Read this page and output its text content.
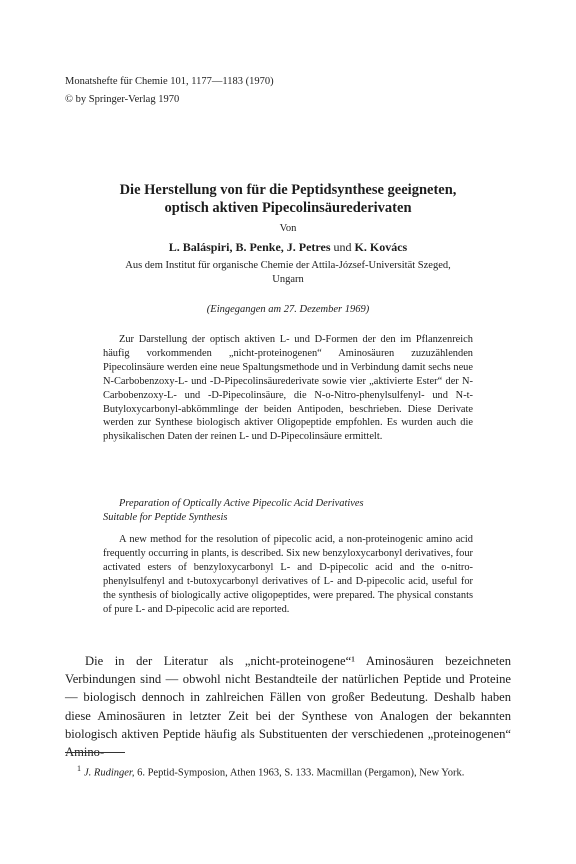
Monatshefte für Chemie 101, 1177—1183 (1970)
© by Springer-Verlag 1970
Die Herstellung von für die Peptidsynthese geeigneten,
optisch aktiven Pipecolinsäurederivaten
Von
L. Baláspiri, B. Penke, J. Petres und K. Kovács
Aus dem Institut für organische Chemie der Attila-József-Universität Szeged,
Ungarn
(Eingegangen am 27. Dezember 1969)

Zur Darstellung der optisch aktiven L- und D-Formen der den im Pflanzenreich häufig vorkommenden „nicht-proteinogenen“ Aminosäuren zuzuzählenden Pipecolinsäure werden eine neue Spaltungsmethode und in Verbindung damit sechs neue N-Carbobenzoxy-L- und -D-Pipecolinsäurederivate sowie vier „aktivierte Ester“ der N-Carbobenzoxy-L- und -D-Pipecolinsäure, die N-o-Nitro-phenylsulfenyl- und N-t-Butyloxycarbonyl-abkömmlinge der beiden Antipoden, beschrieben. Diese Derivate werden zur Synthese biologisch aktiver Oligopeptide empfohlen. Es wurden auch die physikalischen Daten der reinen L- und D-Pipecolinsäure ermittelt.

Preparation of Optically Active Pipecolic Acid Derivatives
Suitable for Peptide Synthesis

A new method for the resolution of pipecolic acid, a non-proteinogenic amino acid frequently occurring in plants, is described. Six new benzyloxycarbonyl derivatives, four activated esters of benzyloxycarbonyl L- and D-pipecolic acid and the o-nitro-phenylsulfenyl and t-butoxycarbonyl derivatives of L- and D-pipecolic acid, useful for the synthesis of biologically active oligopeptides, were prepared. The physical constants of pure L- and D-pipecolic acid are reported.

Die in der Literatur als „nicht-proteinogene“¹ Aminosäuren bezeichneten Verbindungen sind — obwohl nicht Bestandteile der natürlichen Peptide und Proteine — biologisch dennoch in zahlreichen Fällen von großer Bedeutung. Deshalb haben diese Aminosäuren in letzter Zeit bei der Synthese von Analogen der bekannten biologisch aktiven Peptide häufig als Substituenten der verschiedenen „proteinogenen“ Amino-

$^1$ J. Rudinger, 6. Peptid-Symposion, Athen 1963, S. 133. Macmillan (Pergamon), New York.
